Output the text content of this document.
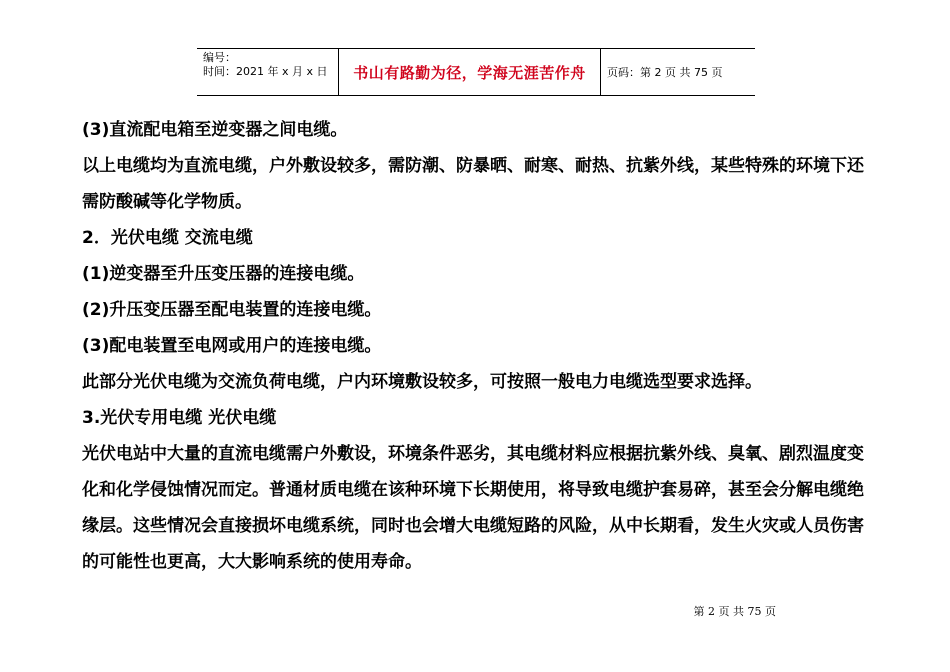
编号：
时间：2021 年 x 月 x 日	书山有路勤为径，学海无涯苦作舟	页码：第 2 页 共 75 页

(3)直流配电箱至逆变器之间电缆。

以上电缆均为直流电缆，户外敷设较多，需防潮、防暴晒、耐寒、耐热、抗紫外线，某些特殊的环境下还需防酸碱等化学物质。

2．光伏电缆 交流电缆

(1)逆变器至升压变压器的连接电缆。

(2)升压变压器至配电装置的连接电缆。

(3)配电装置至电网或用户的连接电缆。

此部分光伏电缆为交流负荷电缆，户内环境敷设较多，可按照一般电力电缆选型要求选择。

3.光伏专用电缆 光伏电缆

光伏电站中大量的直流电缆需户外敷设，环境条件恶劣，其电缆材料应根据抗紫外线、臭氧、剧烈温度变化和化学侵蚀情况而定。普通材质电缆在该种环境下长期使用，将导致电缆护套易碎，甚至会分解电缆绝缘层。这些情况会直接损坏电缆系统，同时也会增大电缆短路的风险，从中长期看，发生火灾或人员伤害的可能性也更高，大大影响系统的使用寿命。

第 2 页 共 75 页
